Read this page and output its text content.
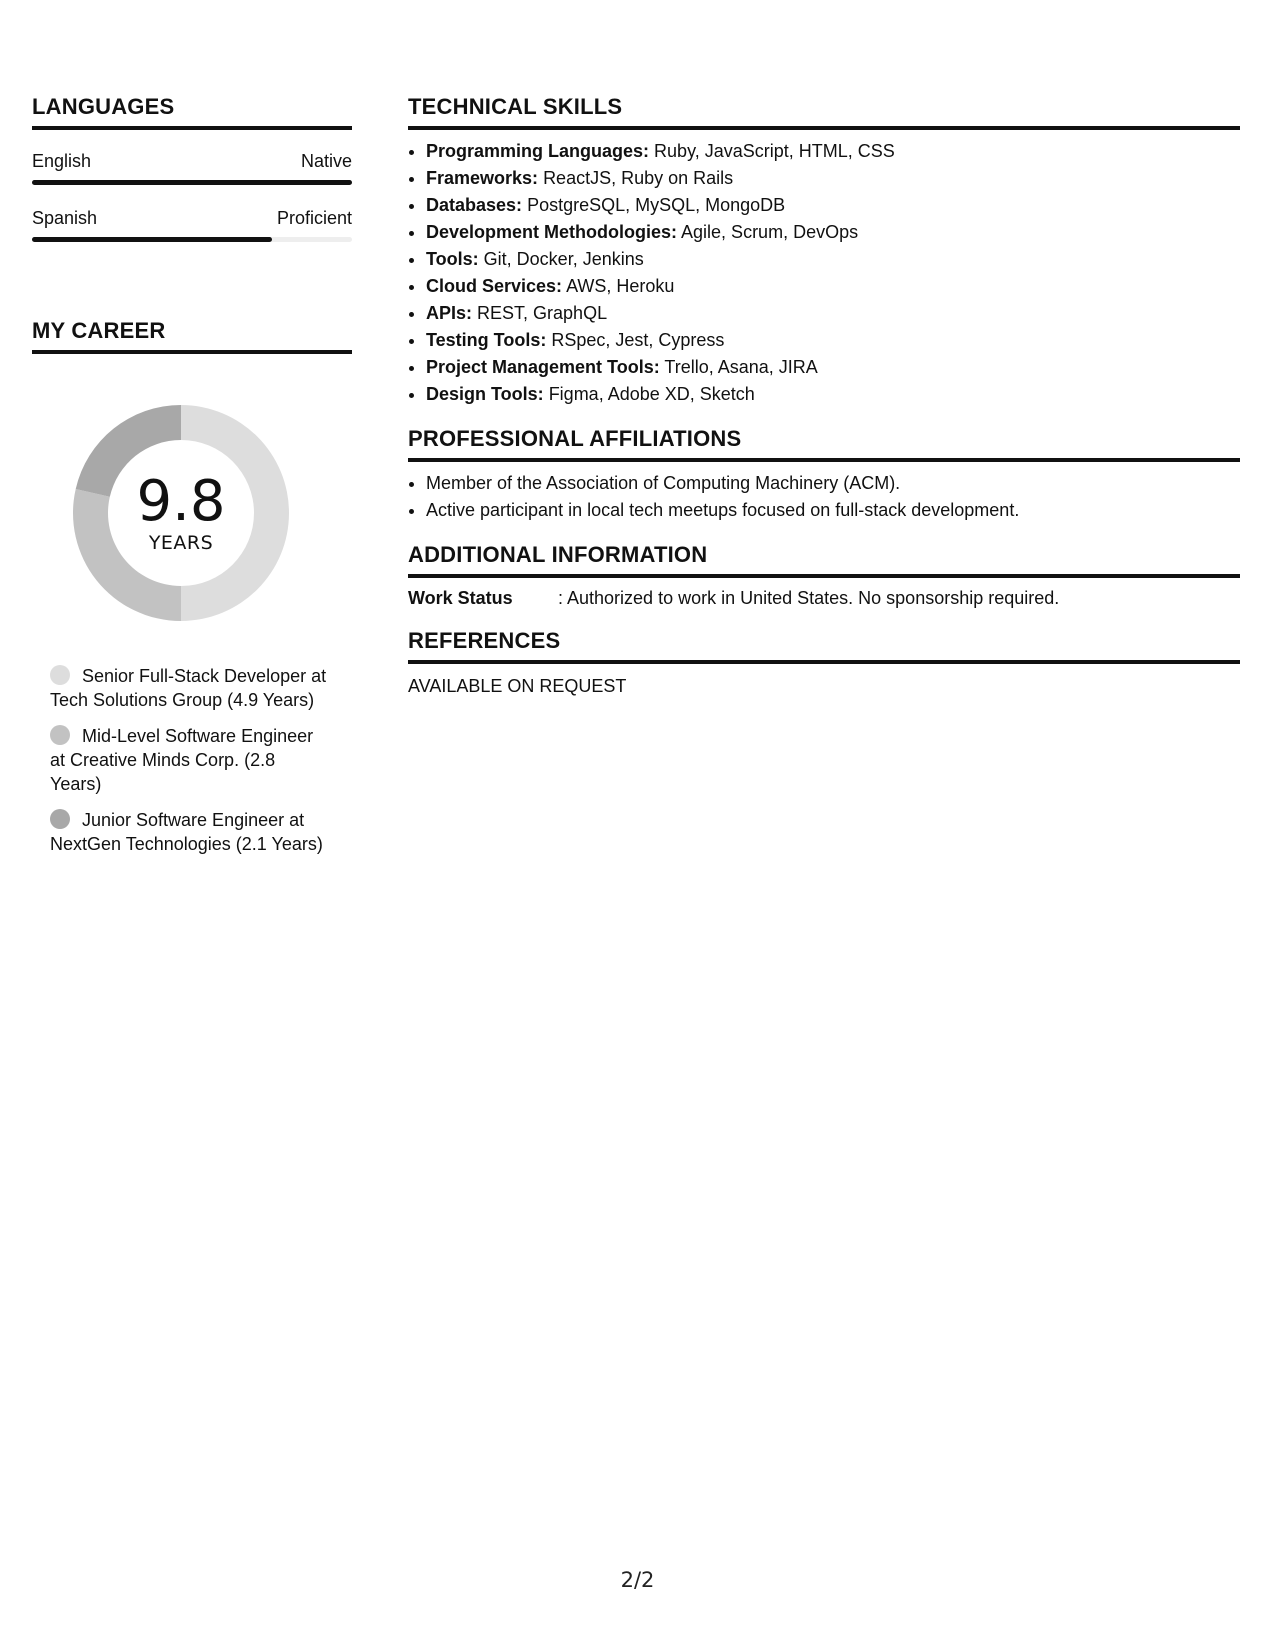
LANGUAGES
English	Native
Spanish	Proficient
MY CAREER
9.8
YEARS
Senior Full-Stack Developer at Tech Solutions Group (4.9 Years)
Mid-Level Software Engineer at Creative Minds Corp. (2.8 Years)
Junior Software Engineer at NextGen Technologies (2.1 Years)
TECHNICAL SKILLS
• Programming Languages: Ruby, JavaScript, HTML, CSS
• Frameworks: ReactJS, Ruby on Rails
• Databases: PostgreSQL, MySQL, MongoDB
• Development Methodologies: Agile, Scrum, DevOps
• Tools: Git, Docker, Jenkins
• Cloud Services: AWS, Heroku
• APIs: REST, GraphQL
• Testing Tools: RSpec, Jest, Cypress
• Project Management Tools: Trello, Asana, JIRA
• Design Tools: Figma, Adobe XD, Sketch
PROFESSIONAL AFFILIATIONS
• Member of the Association of Computing Machinery (ACM).
• Active participant in local tech meetups focused on full-stack development.
ADDITIONAL INFORMATION
Work Status	: Authorized to work in United States. No sponsorship required.
REFERENCES
AVAILABLE ON REQUEST
2/2
